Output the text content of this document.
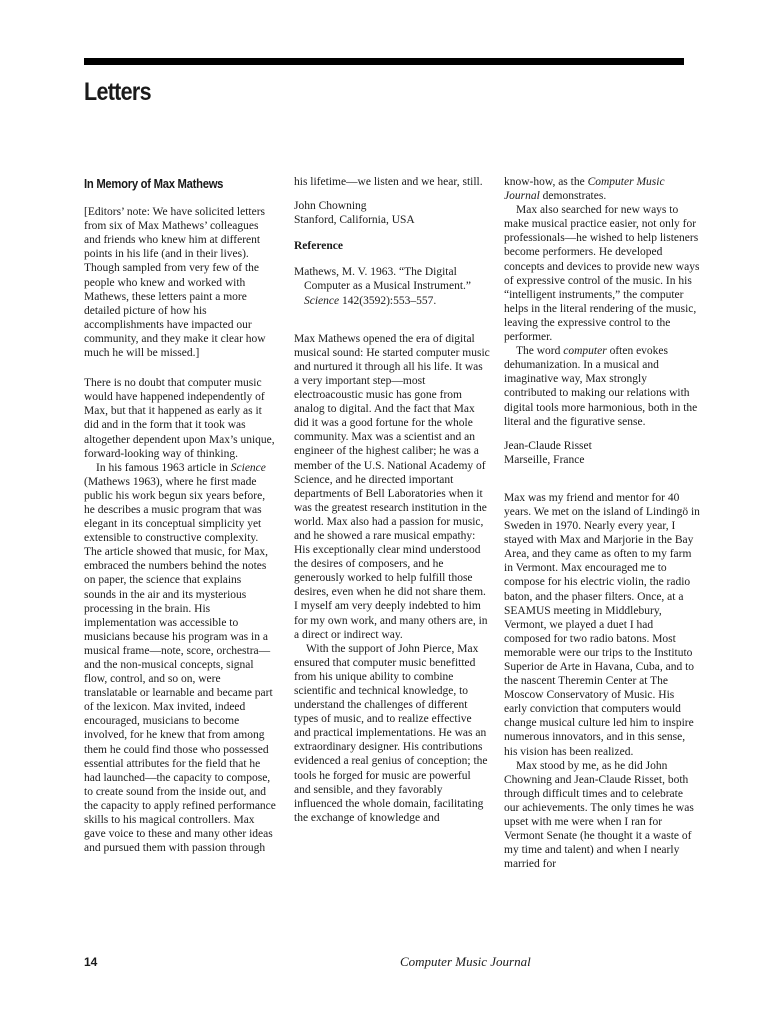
Letters
In Memory of Max Mathews

[Editors’ note: We have solicited letters from six of Max Mathews’ colleagues and friends who knew him at different points in his life (and in their lives). Though sampled from very few of the people who knew and worked with Mathews, these letters paint a more detailed picture of how his accomplishments have impacted our community, and they make it clear how much he will be missed.]

There is no doubt that computer music would have happened independently of Max, but that it happened as early as it did and in the form that it took was altogether dependent upon Max’s unique, forward-looking way of thinking.

In his famous 1963 article in Science (Mathews 1963), where he first made public his work begun six years before, he describes a music program that was elegant in its conceptual simplicity yet extensible to constructive complexity. The article showed that music, for Max, embraced the numbers behind the notes on paper, the science that explains sounds in the air and its mysterious processing in the brain. His implementation was accessible to musicians because his program was in a musical frame—note, score, orchestra—and the non-musical concepts, signal flow, control, and so on, were translatable or learnable and became part of the lexicon. Max invited, indeed encouraged, musicians to become involved, for he knew that from among them he could find those who possessed essential attributes for the field that he had launched—the capacity to compose, to create sound from the inside out, and the capacity to apply refined performance skills to his magical controllers. Max gave voice to these and many other ideas and pursued them with passion through

his lifetime—we listen and we hear, still.

John Chowning

Stanford, California, USA

Reference

Mathews, M. V. 1963. “The Digital Computer as a Musical Instrument.” Science 142(3592):553–557.

Max Mathews opened the era of digital musical sound: He started computer music and nurtured it through all his life. It was a very important step—most electroacoustic music has gone from analog to digital. And the fact that Max did it was a good fortune for the whole community. Max was a scientist and an engineer of the highest caliber; he was a member of the U.S. National Academy of Science, and he directed important departments of Bell Laboratories when it was the greatest research institution in the world. Max also had a passion for music, and he showed a rare musical empathy: His exceptionally clear mind understood the desires of composers, and he generously worked to help fulfill those desires, even when he did not share them. I myself am very deeply indebted to him for my own work, and many others are, in a direct or indirect way.

With the support of John Pierce, Max ensured that computer music benefitted from his unique ability to combine scientific and technical knowledge, to understand the challenges of different types of music, and to realize effective and practical implementations. He was an extraordinary designer. His contributions evidenced a real genius of conception; the tools he forged for music are powerful and sensible, and they favorably influenced the whole domain, facilitating the exchange of knowledge and

know-how, as the Computer Music Journal demonstrates.

Max also searched for new ways to make musical practice easier, not only for professionals—he wished to help listeners become performers. He developed concepts and devices to provide new ways of expressive control of the music. In his “intelligent instruments,” the computer helps in the literal rendering of the music, leaving the expressive control to the performer.

The word computer often evokes dehumanization. In a musical and imaginative way, Max strongly contributed to making our relations with digital tools more harmonious, both in the literal and the figurative sense.

Jean-Claude Risset

Marseille, France

Max was my friend and mentor for 40 years. We met on the island of Lindingö in Sweden in 1970. Nearly every year, I stayed with Max and Marjorie in the Bay Area, and they came as often to my farm in Vermont. Max encouraged me to compose for his electric violin, the radio baton, and the phaser filters. Once, at a SEAMUS meeting in Middlebury, Vermont, we played a duet I had composed for two radio batons. Most memorable were our trips to the Instituto Superior de Arte in Havana, Cuba, and to the nascent Theremin Center at The Moscow Conservatory of Music. His early conviction that computers would change musical culture led him to inspire numerous innovators, and in this sense, his vision has been realized.

Max stood by me, as he did John Chowning and Jean-Claude Risset, both through difficult times and to celebrate our achievements. The only times he was upset with me were when I ran for Vermont Senate (he thought it a waste of my time and talent) and when I nearly married for

14	Computer Music Journal
